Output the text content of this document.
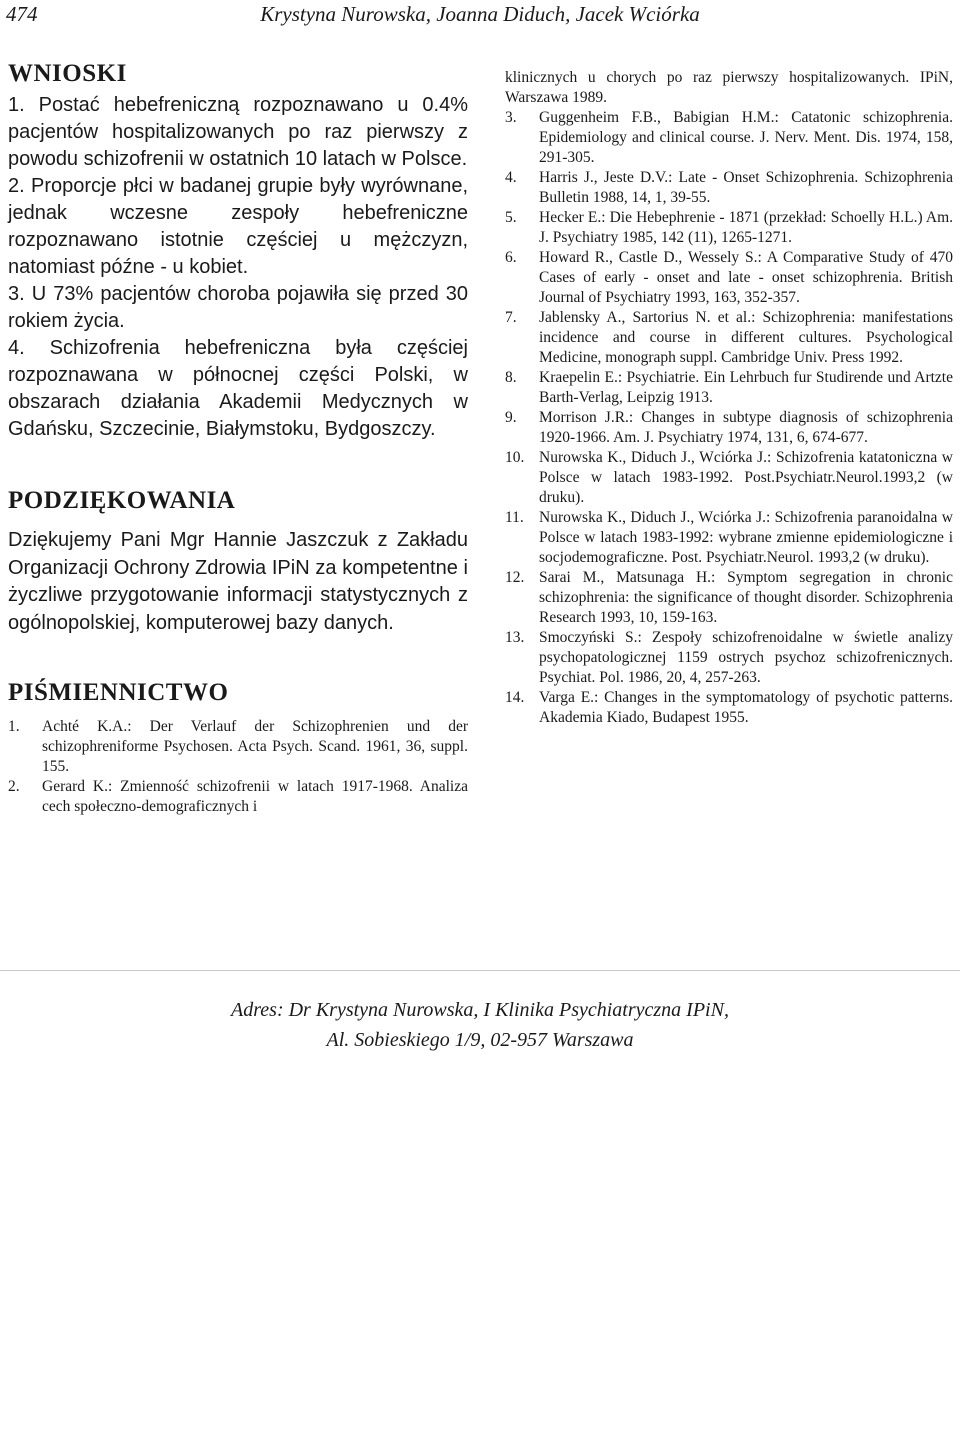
474	Krystyna Nurowska, Joanna Diduch, Jacek Wciórka
WNIOSKI
1. Postać hebefreniczną rozpoznawano u 0.4% pacjentów hospitalizowanych po raz pierwszy z powodu schizofrenii w ostatnich 10 latach w Polsce.
2. Proporcje płci w badanej grupie były wyrównane, jednak wczesne zespoły hebefreniczne rozpoznawano istotnie częściej u mężczyzn, natomiast późne - u kobiet.
3. U 73% pacjentów choroba pojawiła się przed 30 rokiem życia.
4. Schizofrenia hebefreniczna była częściej rozpoznawana w północnej części Polski, w obszarach działania Akademii Medycznych w Gdańsku, Szczecinie, Białymstoku, Bydgoszczy.
PODZIĘKOWANIA

Dziękujemy Pani Mgr Hannie Jaszczuk z Zakładu Organizacji Ochrony Zdrowia IPiN za kompetentne i życzliwe przygotowanie informacji statystycznych z ogólnopolskiej, komputerowej bazy danych.

PIŚMIENNICTWO
1.	Achté K.A.: Der Verlauf der Schizophrenien und der schizophreniforme Psychosen. Acta Psych. Scand. 1961, 36, suppl. 155.
2.	Gerard K.: Zmienność schizofrenii w latach 1917-1968. Analiza cech społeczno-demograficznych i
klinicznych u chorych po raz pierwszy hospitalizowanych. IPiN, Warszawa 1989.
3.	Guggenheim F.B., Babigian H.M.: Catatonic schizophrenia. Epidemiology and clinical course. J. Nerv. Ment. Dis. 1974, 158, 291-305.
4.	Harris J., Jeste D.V.: Late - Onset Schizophrenia. Schizophrenia Bulletin 1988, 14, 1, 39-55.
5.	Hecker E.: Die Hebephrenie - 1871 (przekład: Schoelly H.L.) Am. J. Psychiatry 1985, 142 (11), 1265-1271.
6.	Howard R., Castle D., Wessely S.: A Comparative Study of 470 Cases of early - onset and late - onset schizophrenia. British Journal of Psychiatry 1993, 163, 352-357.
7.	Jablensky A., Sartorius N. et al.: Schizophrenia: manifestations incidence and course in different cultures. Psychological Medicine, monograph suppl. Cambridge Univ. Press 1992.
8.	Kraepelin E.: Psychiatrie. Ein Lehrbuch fur Studirende und Artzte Barth-Verlag, Leipzig 1913.
9.	Morrison J.R.: Changes in subtype diagnosis of schizophrenia 1920-1966. Am. J. Psychiatry 1974, 131, 6, 674-677.
10. Nurowska K., Diduch J., Wciórka J.: Schizofrenia katatoniczna w Polsce w latach 1983-1992. Post.Psychiatr.Neurol.1993,2 (w druku).
11. Nurowska K., Diduch J., Wciórka J.: Schizofrenia paranoidalna w Polsce w latach 1983-1992: wybrane zmienne epidemiologiczne i socjodemograficzne. Post. Psychiatr.Neurol. 1993,2 (w druku).
12. Sarai M., Matsunaga H.: Symptom segregation in chronic schizophrenia: the significance of thought disorder. Schizophrenia Research 1993, 10, 159-163.
13. Smoczyński S.: Zespoły schizofrenoidalne w świetle analizy psychopatologicznej 1159 ostrych psychoz schizofrenicznych. Psychiat. Pol. 1986, 20, 4, 257-263.
14. Varga E.: Changes in the symptomatology of psychotic patterns. Akademia Kiado, Budapest 1955.
Adres: Dr Krystyna Nurowska, I Klinika Psychiatryczna IPiN,
Al. Sobieskiego 1/9, 02-957 Warszawa
